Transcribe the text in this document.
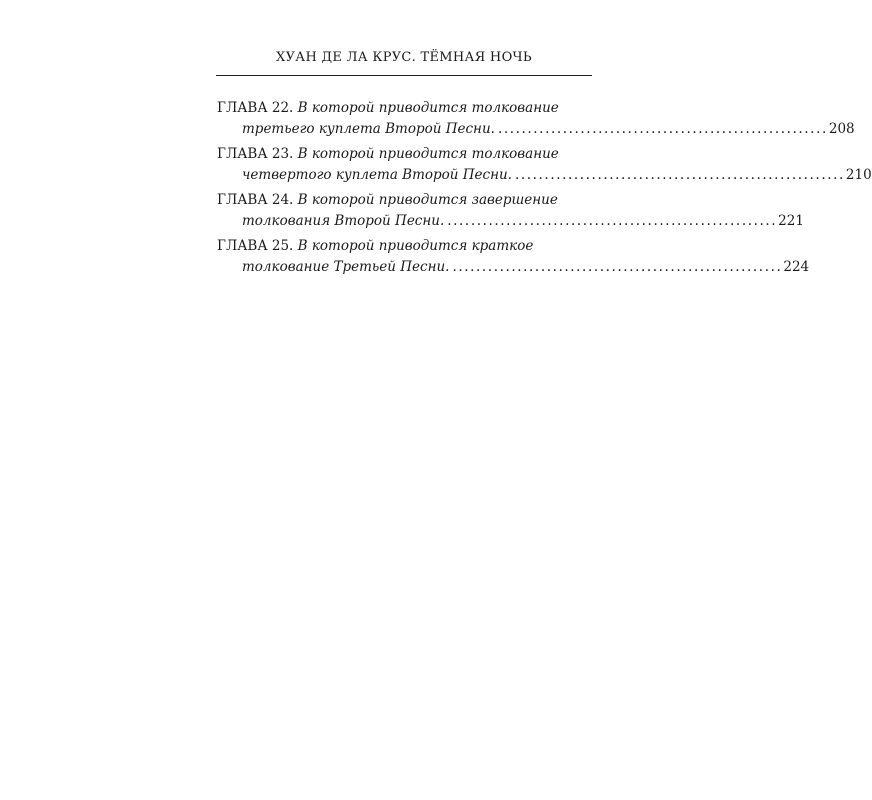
ХУАН ДЕ ЛА КРУС. ТЁМНАЯ НОЧЬ
ГЛАВА 22. В которой приводится толкование
третьего куплета Второй Песни. ........................................................ 208
ГЛАВА 23. В которой приводится толкование
четвертого куплета Второй Песни. ........................................................ 210
ГЛАВА 24. В которой приводится завершение
толкования Второй Песни. ........................................................ 221
ГЛАВА 25. В которой приводится краткое
толкование Третьей Песни. ........................................................ 224
